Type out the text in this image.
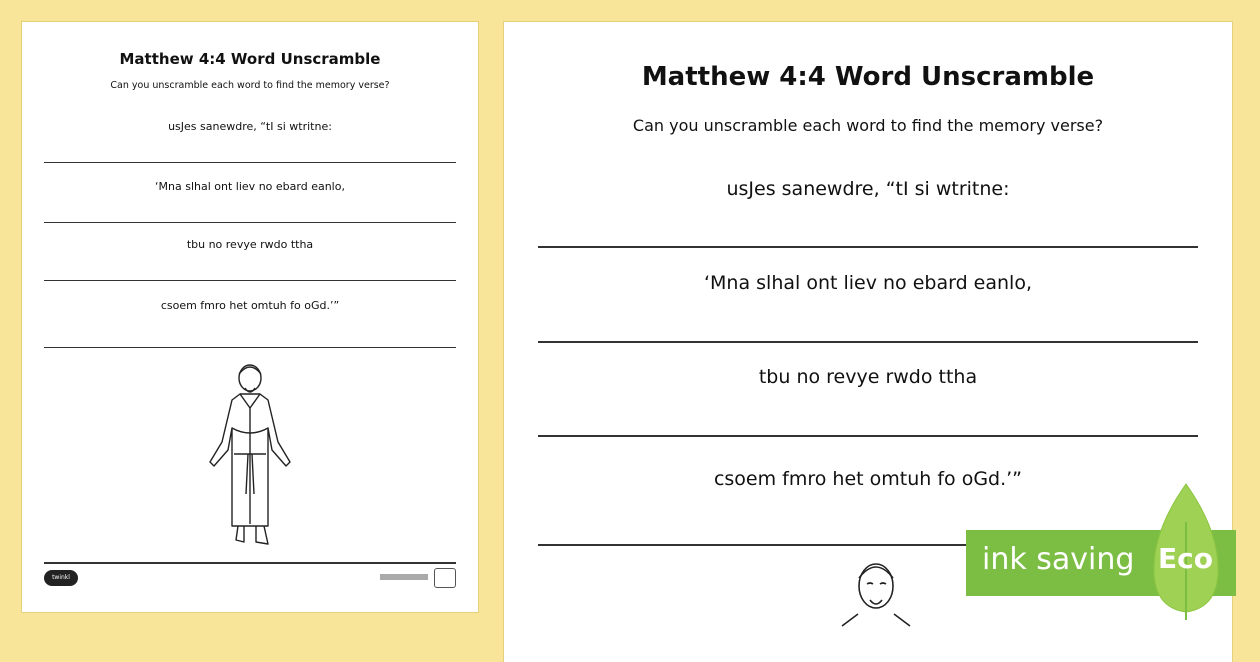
Matthew 4:4 Word Unscramble
Can you unscramble each word to find the memory verse?
usJes sanewdre, “tI si wtritne:
‘Mna slhal ont liev no ebard eanlo,
tbu no revye rwdo ttha
csoem fmro het omtuh fo oGd.’”
twinkl
Matthew 4:4 Word Unscramble
Can you unscramble each word to find the memory verse?
usJes sanewdre, “tI si wtritne:
‘Mna slhal ont liev no ebard eanlo,
tbu no revye rwdo ttha
csoem fmro het omtuh fo oGd.’”
ink saving Eco
